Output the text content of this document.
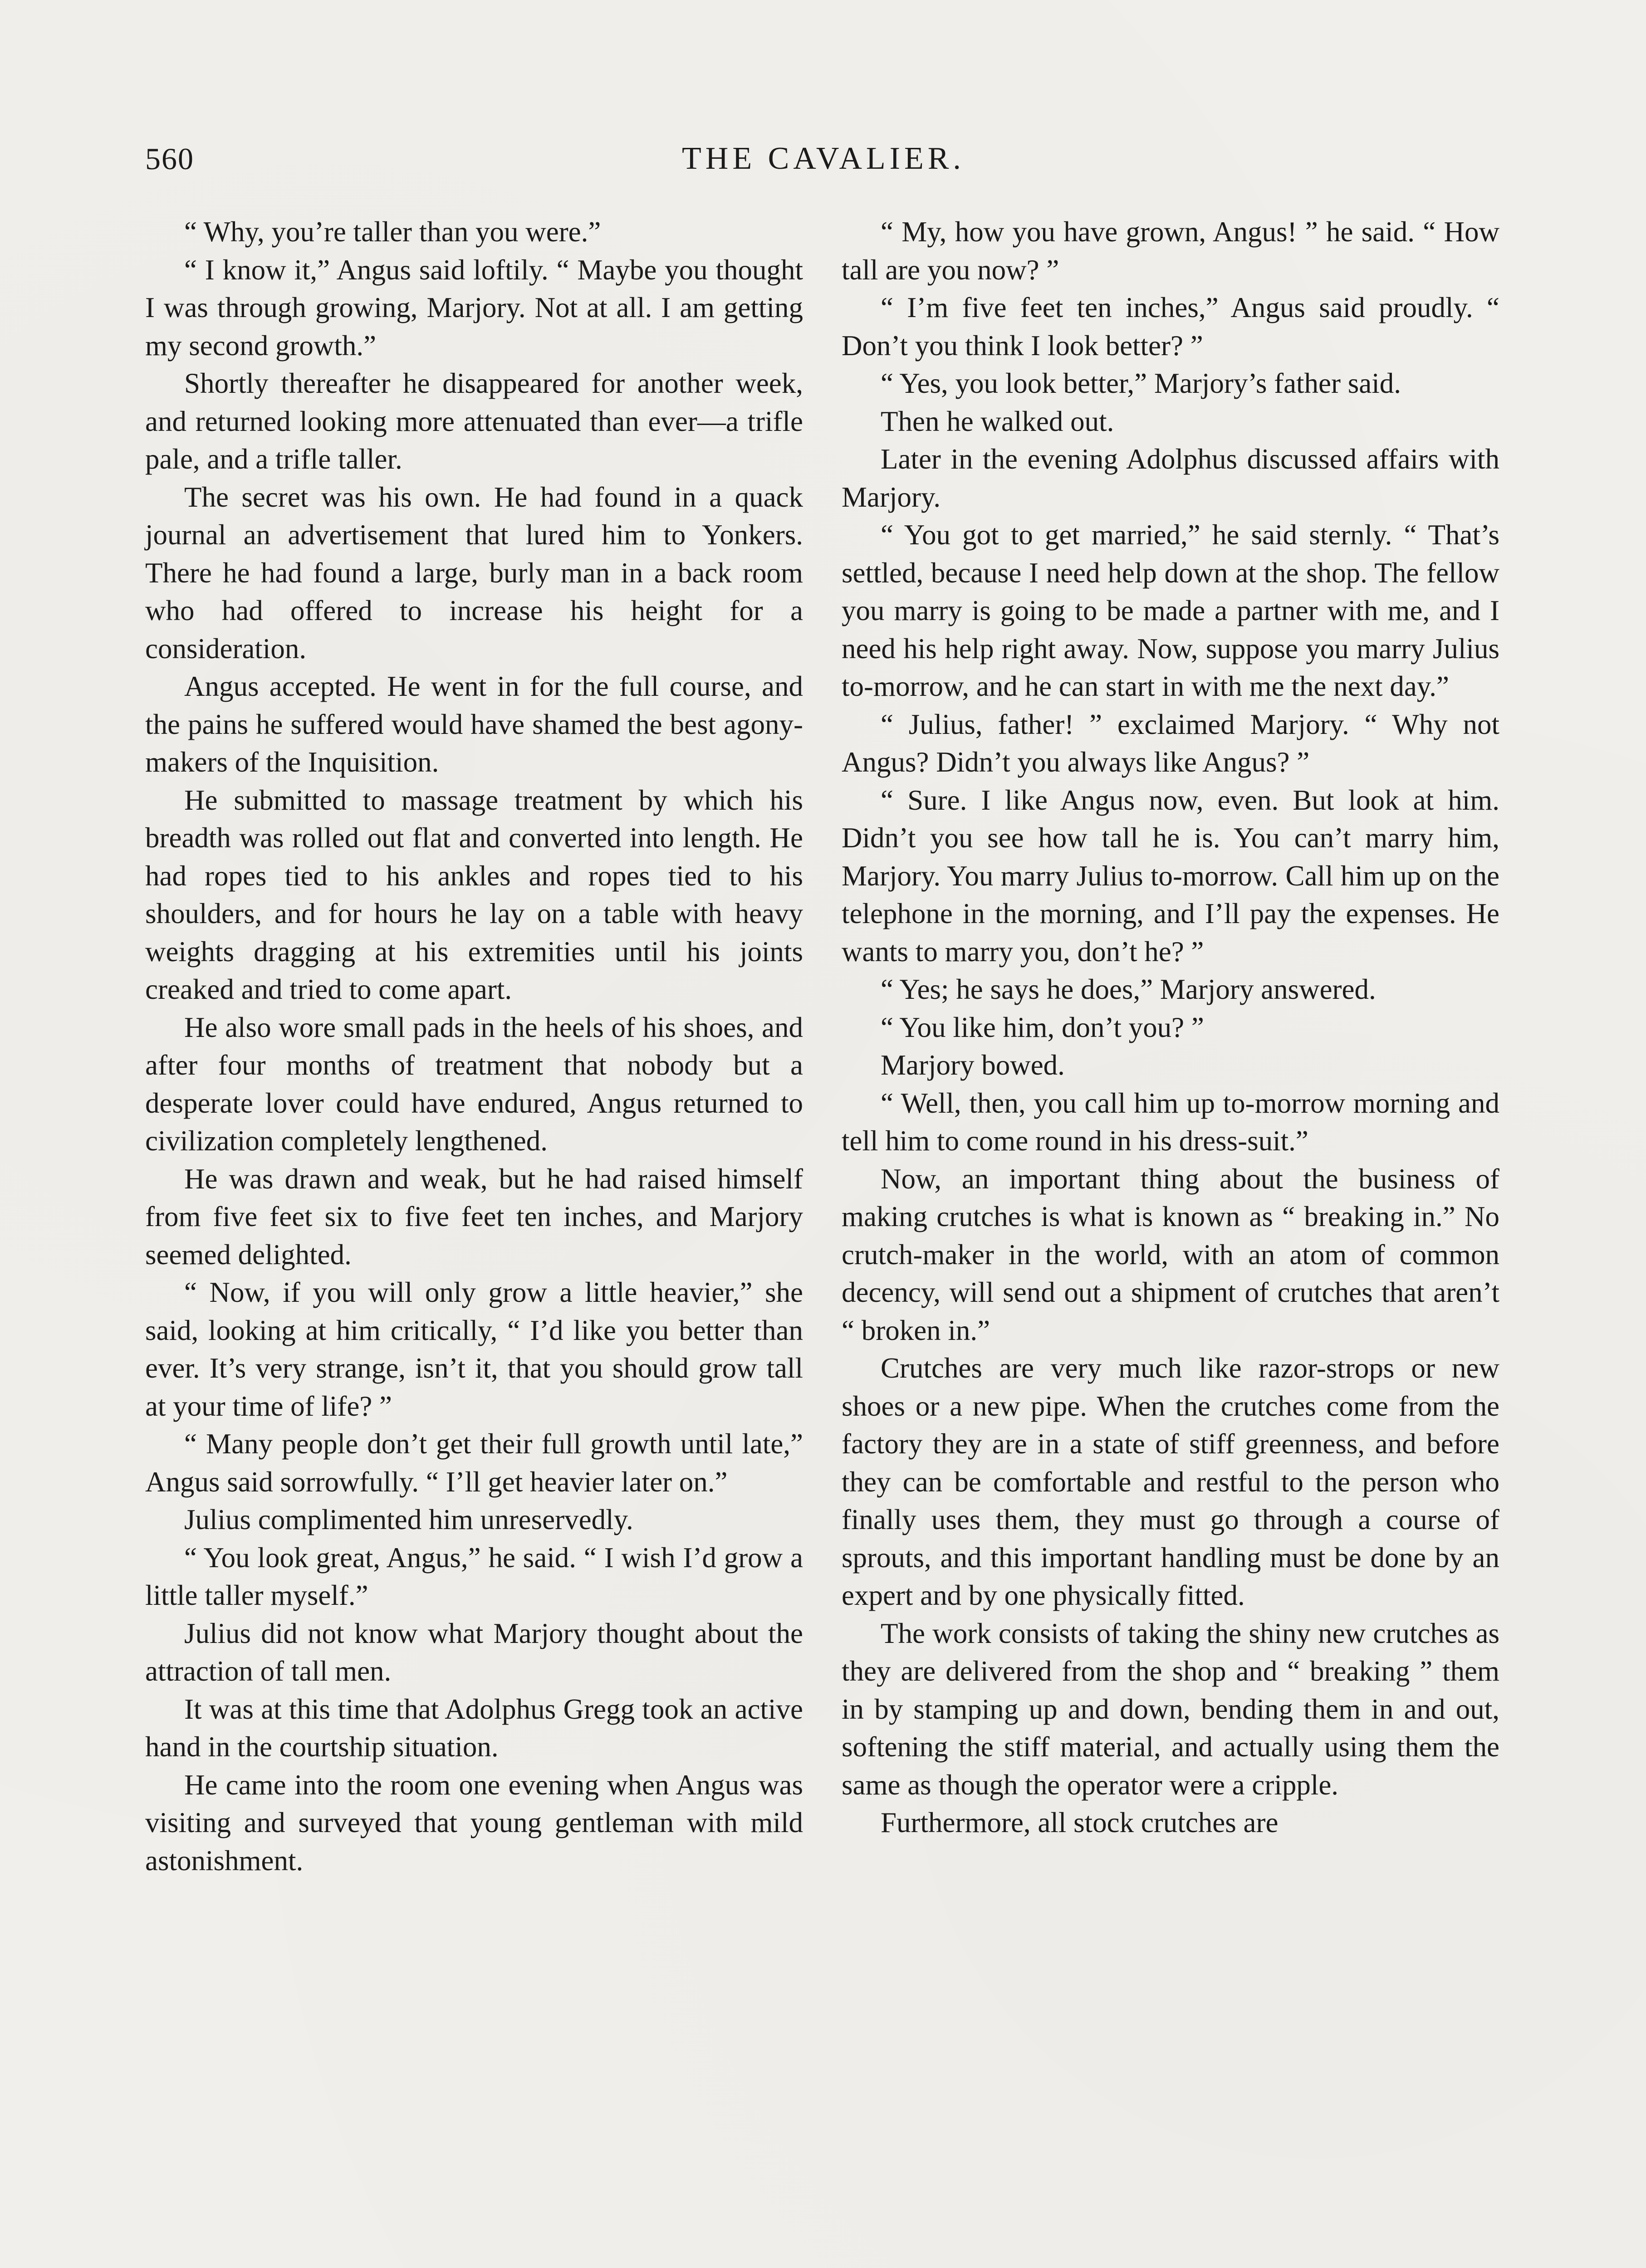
560	THE CAVALIER.

“ Why, you’re taller than you were.”

“ I know it,” Angus said loftily. “ Maybe you thought I was through growing, Marjory. Not at all. I am getting my second growth.”

Shortly thereafter he disappeared for another week, and returned looking more attenuated than ever—a trifle pale, and a trifle taller.

The secret was his own. He had found in a quack journal an advertisement that lured him to Yonkers. There he had found a large, burly man in a back room who had offered to increase his height for a consideration.

Angus accepted. He went in for the full course, and the pains he suffered would have shamed the best agony-makers of the Inquisition.

He submitted to massage treatment by which his breadth was rolled out flat and converted into length. He had ropes tied to his ankles and ropes tied to his shoulders, and for hours he lay on a table with heavy weights dragging at his extremities until his joints creaked and tried to come apart.

He also wore small pads in the heels of his shoes, and after four months of treatment that nobody but a desperate lover could have endured, Angus returned to civilization completely lengthened.

He was drawn and weak, but he had raised himself from five feet six to five feet ten inches, and Marjory seemed delighted.

“ Now, if you will only grow a little heavier,” she said, looking at him critically, “ I’d like you better than ever. It’s very strange, isn’t it, that you should grow tall at your time of life? ”

“ Many people don’t get their full growth until late,” Angus said sorrowfully. “ I’ll get heavier later on.”

Julius complimented him unreservedly.

“ You look great, Angus,” he said. “ I wish I’d grow a little taller myself.”

Julius did not know what Marjory thought about the attraction of tall men.

It was at this time that Adolphus Gregg took an active hand in the courtship situation.

He came into the room one evening when Angus was visiting and surveyed that young gentleman with mild astonishment.

“ My, how you have grown, Angus! ” he said. “ How tall are you now? ”

“ I’m five feet ten inches,” Angus said proudly. “ Don’t you think I look better? ”

“ Yes, you look better,” Marjory’s father said.

Then he walked out.

Later in the evening Adolphus discussed affairs with Marjory.

“ You got to get married,” he said sternly. “ That’s settled, because I need help down at the shop. The fellow you marry is going to be made a partner with me, and I need his help right away. Now, suppose you marry Julius to-morrow, and he can start in with me the next day.”

“ Julius, father! ” exclaimed Marjory. “ Why not Angus? Didn’t you always like Angus? ”

“ Sure. I like Angus now, even. But look at him. Didn’t you see how tall he is. You can’t marry him, Marjory. You marry Julius to-morrow. Call him up on the telephone in the morning, and I’ll pay the expenses. He wants to marry you, don’t he? ”

“ Yes; he says he does,” Marjory answered.

“ You like him, don’t you? ”

Marjory bowed.

“ Well, then, you call him up to-morrow morning and tell him to come round in his dress-suit.”

Now, an important thing about the business of making crutches is what is known as “ breaking in.” No crutch-maker in the world, with an atom of common decency, will send out a shipment of crutches that aren’t “ broken in.”

Crutches are very much like razor-strops or new shoes or a new pipe. When the crutches come from the factory they are in a state of stiff greenness, and before they can be comfortable and restful to the person who finally uses them, they must go through a course of sprouts, and this important handling must be done by an expert and by one physically fitted.

The work consists of taking the shiny new crutches as they are delivered from the shop and “ breaking ” them in by stamping up and down, bending them in and out, softening the stiff material, and actually using them the same as though the operator were a cripple.

Furthermore, all stock crutches are
